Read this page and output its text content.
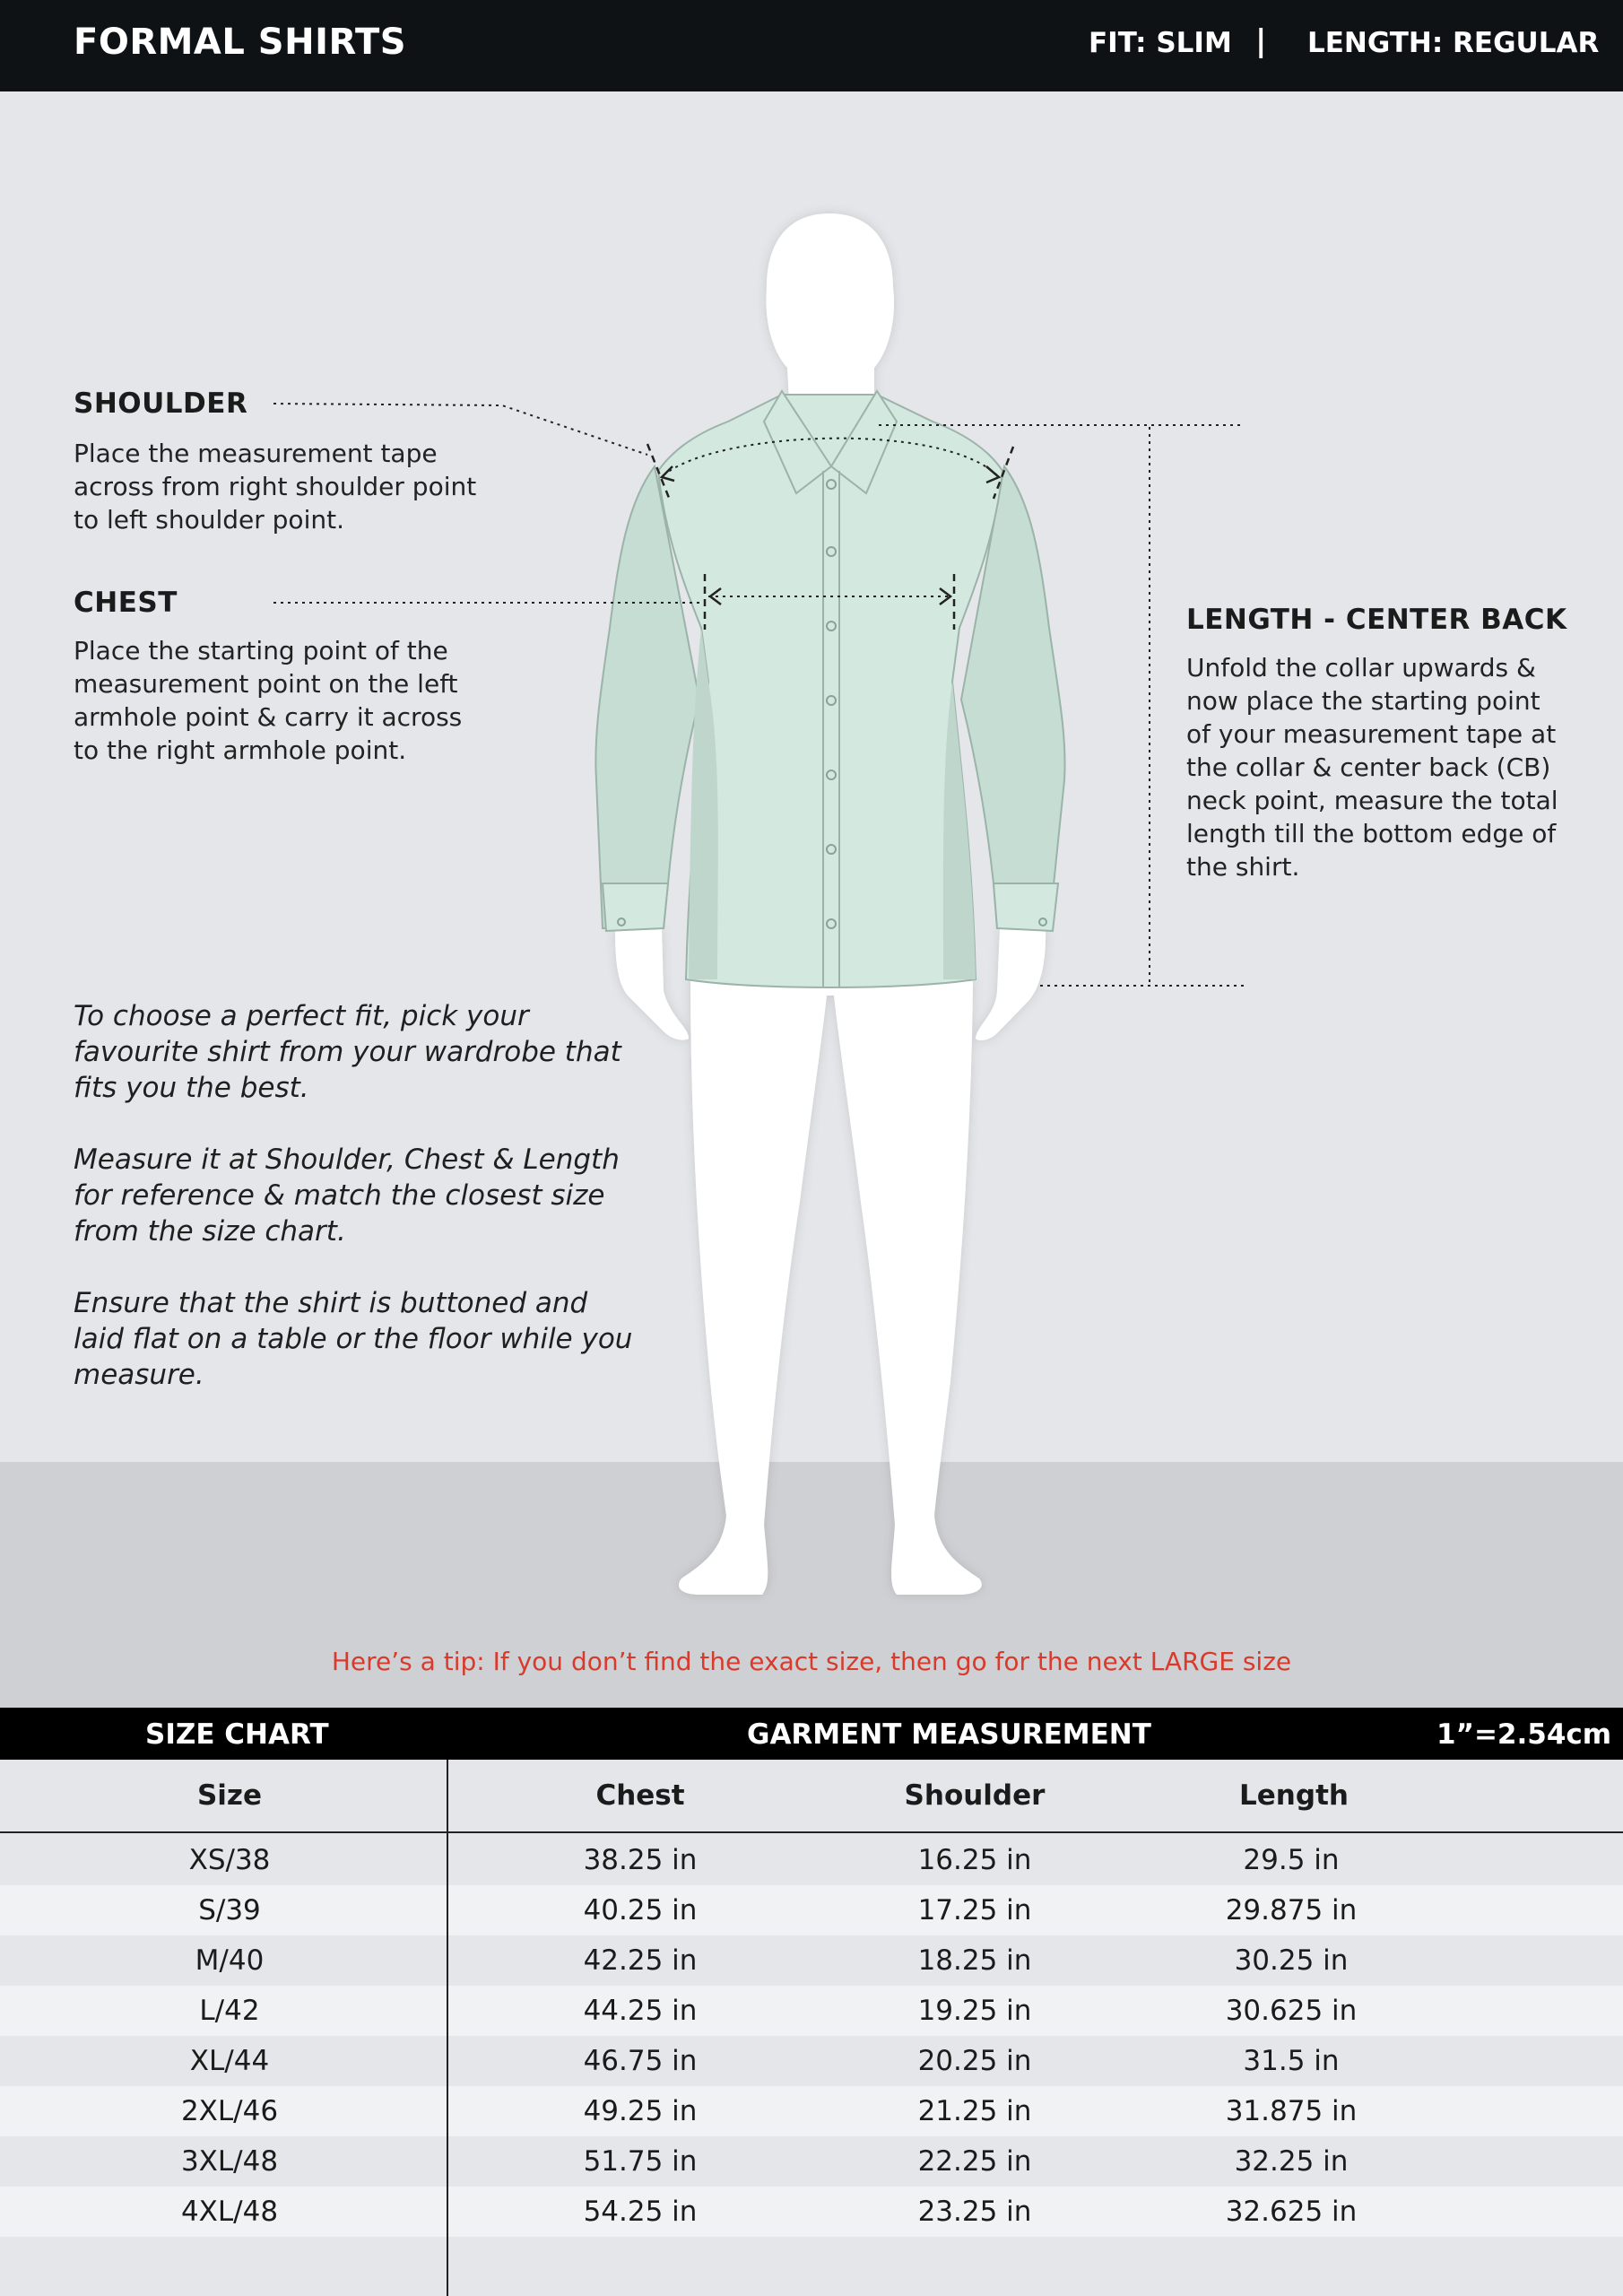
FORMAL SHIRTS	FIT: SLIM | LENGTH: REGULAR
SHOULDER
Place the measurement tape
across from right shoulder point
to left shoulder point.
CHEST
Place the starting point of the
measurement point on the left
armhole point & carry it across
to the right armhole point.
LENGTH - CENTER BACK
Unfold the collar upwards &
now place the starting point
of your measurement tape at
the collar & center back (CB)
neck point, measure the total
length till the bottom edge of
the shirt.
To choose a perfect fit, pick your
favourite shirt from your wardrobe that
fits you the best.
Measure it at Shoulder, Chest & Length
for reference & match the closest size
from the size chart.
Ensure that the shirt is buttoned and
laid flat on a table or the floor while you
measure.
Here’s a tip: If you don’t find the exact size, then go for the next LARGE size
SIZE CHART	GARMENT MEASUREMENT	1”=2.54cm
Size	Chest	Shoulder	Length
XS/38	38.25 in	16.25 in	29.5 in
S/39	40.25 in	17.25 in	29.875 in
M/40	42.25 in	18.25 in	30.25 in
L/42	44.25 in	19.25 in	30.625 in
XL/44	46.75 in	20.25 in	31.5 in
2XL/46	49.25 in	21.25 in	31.875 in
3XL/48	51.75 in	22.25 in	32.25 in
4XL/48	54.25 in	23.25 in	32.625 in
